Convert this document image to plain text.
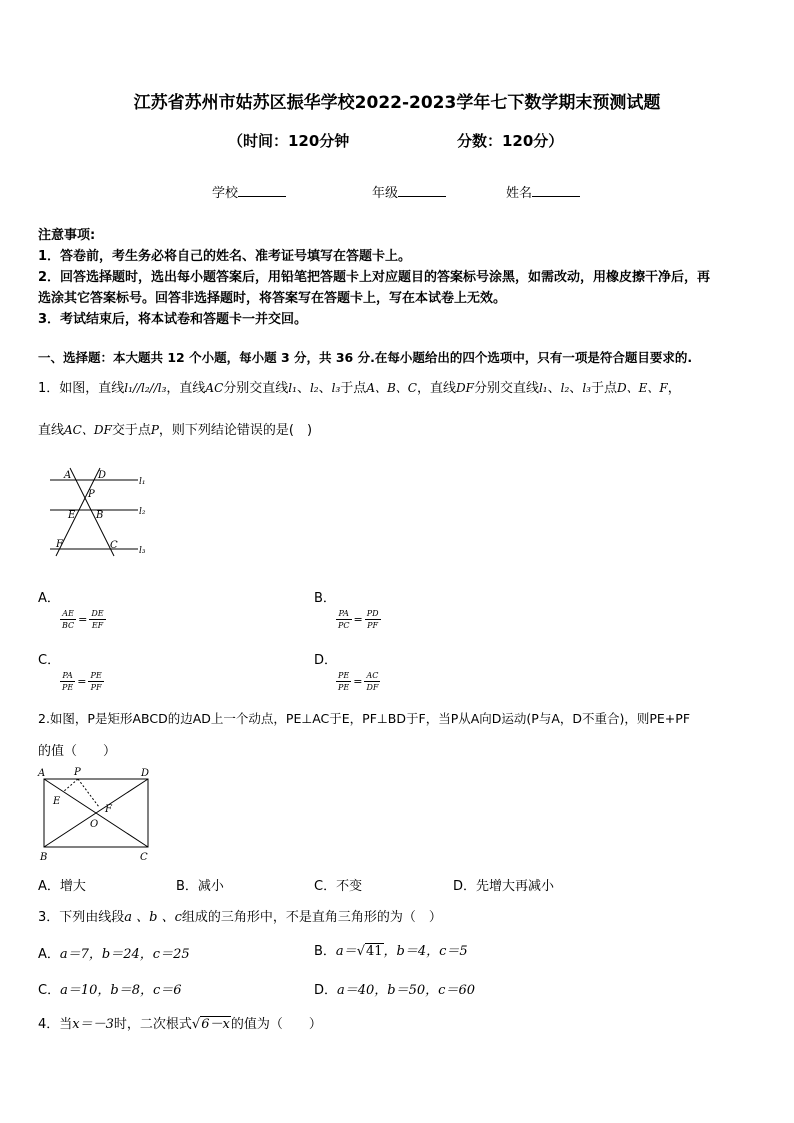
江苏省苏州市姑苏区振华学校2022-2023学年七下数学期末预测试题
（时间：120分钟	分数：120分）
学校	年级	姓名
注意事项:
1．答卷前，考生务必将自己的姓名、准考证号填写在答题卡上。
2．回答选择题时，选出每小题答案后，用铅笔把答题卡上对应题目的答案标号涂黑，如需改动，用橡皮擦干净后，再
选涂其它答案标号。回答非选择题时，将答案写在答题卡上，写在本试卷上无效。
3．考试结束后，将本试卷和答题卡一并交回。
一、选择题：本大题共 12 个小题，每小题 3 分，共 36 分.在每小题给出的四个选项中，只有一项是符合题目要求的.
1．如图，直线l₁//l₂//l₃，直线AC分别交直线l₁、l₂、l₃于点A、B、C，直线DF分别交直线l₁、l₂、l₃于点D、E、F，
直线AC、DF交于点P，则下列结论错误的是(　)
A	D
P
E B
F	C
l₁
l₂
l₃
A．

$\frac{AE}{BC} = \frac{DE}{EF}$
B．

$\frac{PA}{PC} = \frac{PD}{PF}$
C．

$\frac{PA}{PE} = \frac{PE}{PF}$
D．

$\frac{PE}{PE} = \frac{AC}{DF}$
2.如图，P是矩形ABCD的边AD上一个动点，PE⊥AC于E，PF⊥BD于F，当P从A向D运动(P与A，D不重合)，则PE+PF
的值（　　）
A	P	D
E
F
O
B	C
A．增大	B．减小	C．不变	D．先增大再减小
3．下列由线段a 、b 、c组成的三角形中，不是直角三角形的为（　）
A．a＝7，b＝24，c＝25	B．a＝√41，b＝4，c＝5
C．a＝10，b＝8，c＝6	D．a＝40，b＝50，c＝60
4．当x＝－3时，二次根式√6－x的值为（　　）
